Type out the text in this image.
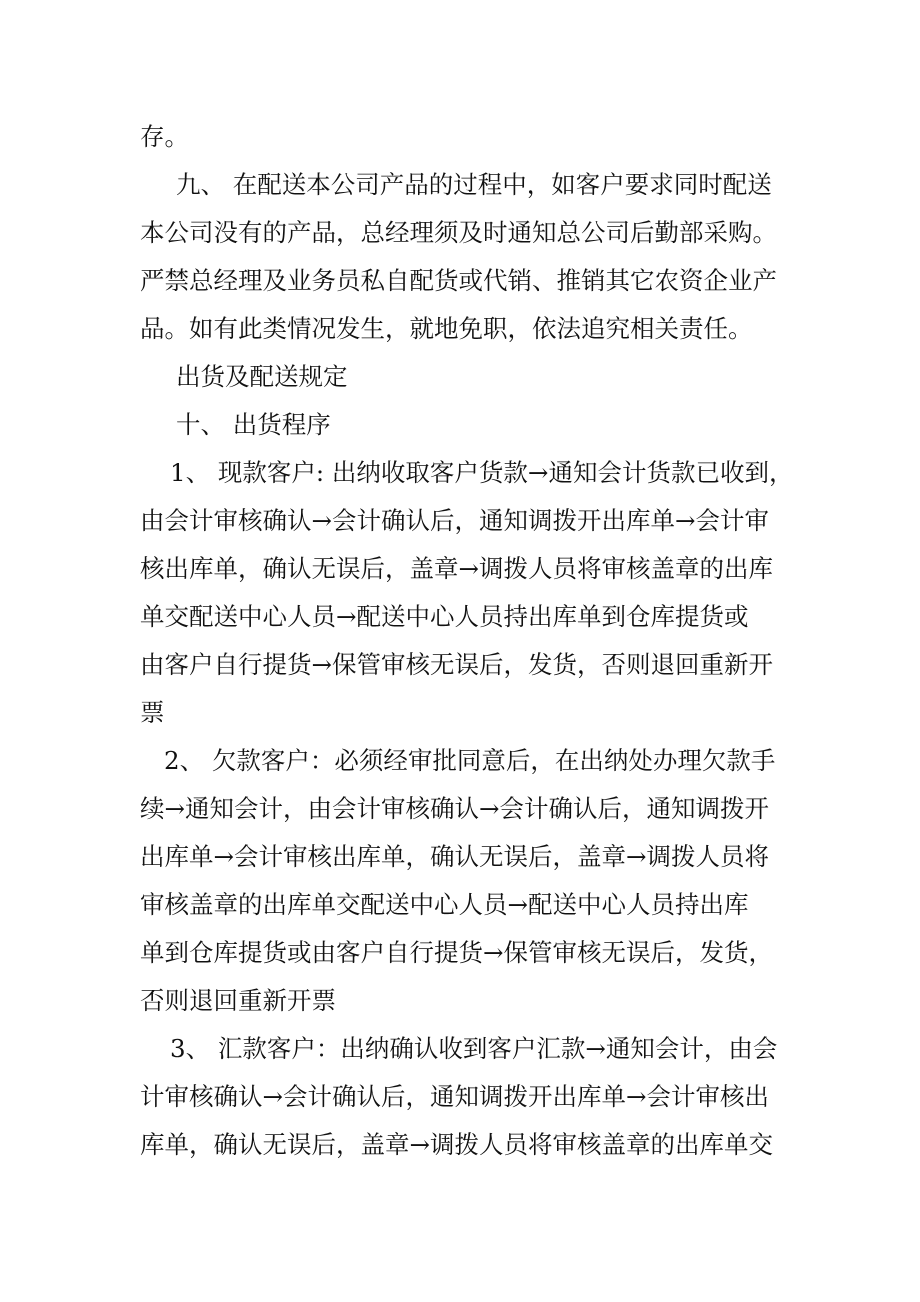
存。
九、 在配送本公司产品的过程中，如客户要求同时配送
本公司没有的产品，总经理须及时通知总公司后勤部采购。
严禁总经理及业务员私自配货或代销、推销其它农资企业产
品。如有此类情况发生，就地免职，依法追究相关责任。
出货及配送规定
十、 出货程序
1、 现款客户: 出纳收取客户货款→通知会计货款已收到，
由会计审核确认→会计确认后，通知调拨开出库单→会计审
核出库单，确认无误后，盖章→调拨人员将审核盖章的出库
单交配送中心人员→配送中心人员持出库单到仓库提货或
由客户自行提货→保管审核无误后，发货，否则退回重新开
票
2、 欠款客户：必须经审批同意后，在出纳处办理欠款手
续→通知会计，由会计审核确认→会计确认后，通知调拨开
出库单→会计审核出库单，确认无误后，盖章→调拨人员将
审核盖章的出库单交配送中心人员→配送中心人员持出库
单到仓库提货或由客户自行提货→保管审核无误后，发货，
否则退回重新开票
3、 汇款客户：出纳确认收到客户汇款→通知会计，由会
计审核确认→会计确认后，通知调拨开出库单→会计审核出
库单，确认无误后，盖章→调拨人员将审核盖章的出库单交
